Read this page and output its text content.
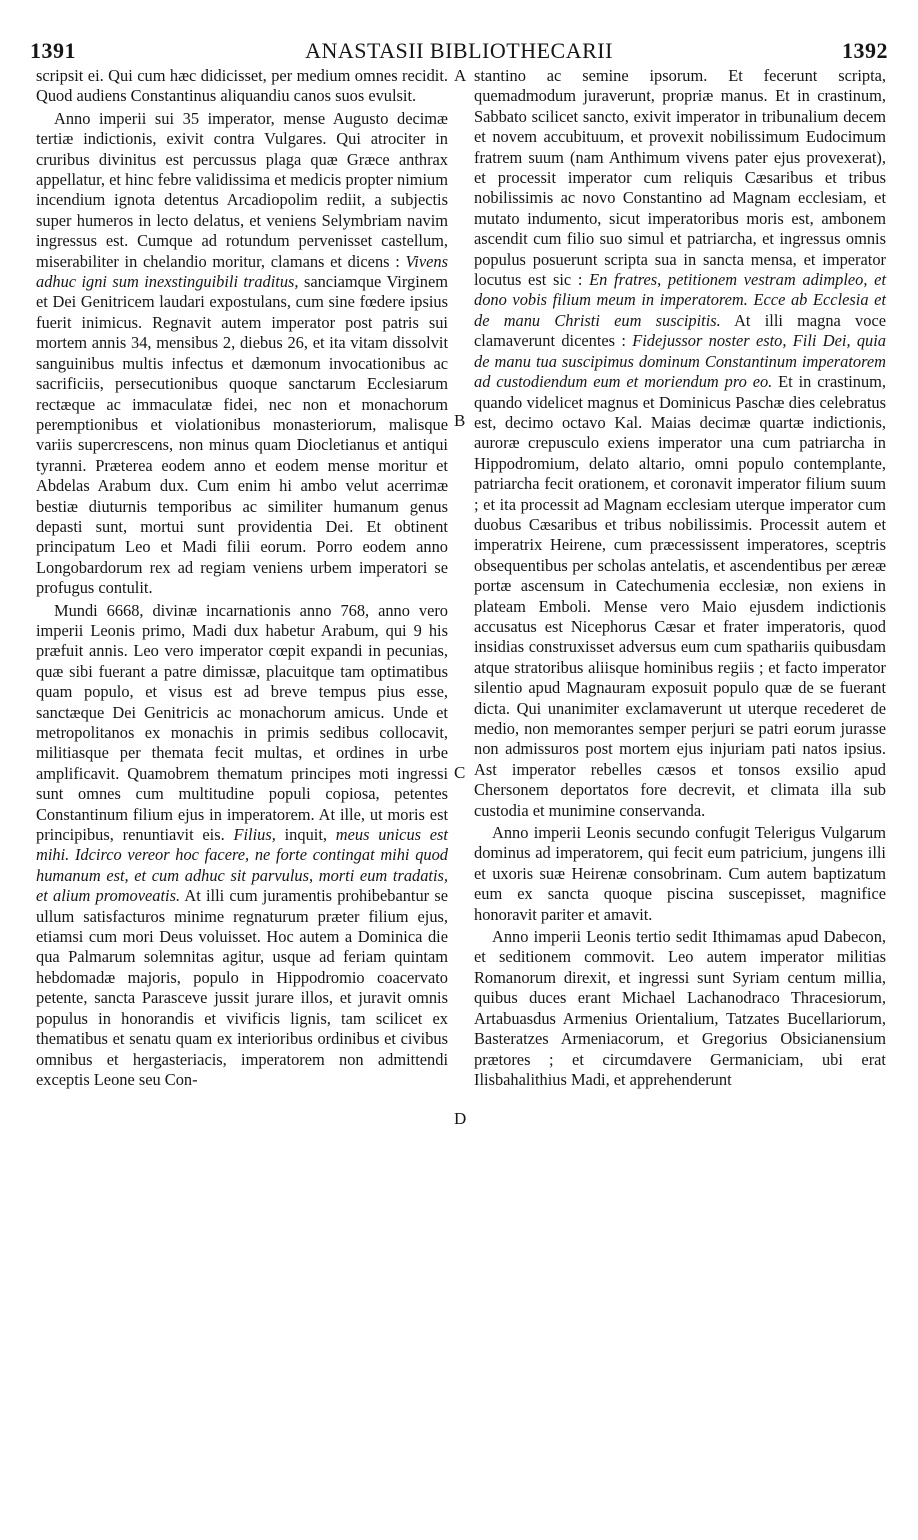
1391	ANASTASII BIBLIOTHECARII	1392

scripsit ei. Qui cum hæc didicisset, per medium omnes recidit. Quod audiens Constantinus aliquandiu canos suos evulsit.

Anno imperii sui 35 imperator, mense Augusto decimæ tertiæ indictionis, exivit contra Vulgares. Qui atrociter in cruribus divinitus est percussus plaga quæ Græce anthrax appellatur, et hinc febre validissima et medicis propter nimium incendium ignota detentus Arcadiopolim rediit, a subjectis super humeros in lecto delatus, et veniens Selymbriam navim ingressus est. Cumque ad rotundum pervenisset castellum, miserabiliter in chelandio moritur, clamans et dicens : Vivens adhuc igni sum inexstinguibili traditus, sanciamque Virginem et Dei Genitricem laudari expostulans, cum sine fœdere ipsius fuerit inimicus. Regnavit autem imperator post patris sui mortem annis 34, mensibus 2, diebus 26, et ita vitam dissolvit sanguinibus multis infectus et dæmonum invocationibus ac sacrificiis, persecutionibus quoque sanctarum Ecclesiarum rectæque ac immaculatæ fidei, nec non et monachorum peremptionibus et violationibus monasteriorum, malisque variis supercrescens, non minus quam Diocletianus et antiqui tyranni. Præterea eodem anno et eodem mense moritur et Abdelas Arabum dux. Cum enim hi ambo velut acerrimæ bestiæ diuturnis temporibus ac similiter humanum genus depasti sunt, mortui sunt providentia Dei. Et obtinent principatum Leo et Madi filii eorum. Porro eodem anno Longobardorum rex ad regiam veniens urbem imperatori se profugus contulit.

Mundi 6668, divinæ incarnationis anno 768, anno vero imperii Leonis primo, Madi dux habetur Arabum, qui 9 his præfuit annis. Leo vero imperator cœpit expandi in pecunias, quæ sibi fuerant a patre dimissæ, placuitque tam optimatibus quam populo, et visus est ad breve tempus pius esse, sanctæque Dei Genitricis ac monachorum amicus. Unde et metropolitanos ex monachis in primis sedibus collocavit, militiasque per themata fecit multas, et ordines in urbe amplificavit. Quamobrem thematum principes moti ingressi sunt omnes cum multitudine populi copiosa, petentes Constantinum filium ejus in imperatorem. At ille, ut moris est principibus, renuntiavit eis. Filius, inquit, meus unicus est mihi. Idcirco vereor hoc facere, ne forte contingat mihi quod humanum est, et cum adhuc sit parvulus, morti eum tradatis, et alium promoveatis. At illi cum juramentis prohibebantur se ullum satisfacturos minime regnaturum præter filium ejus, etiamsi cum mori Deus voluisset. Hoc autem a Dominica die qua Palmarum solemnitas agitur, usque ad feriam quintam hebdomadæ majoris, populo in Hippodromio coacervato petente, sancta Parasceve jussit jurare illos, et juravit omnis populus in honorandis et vivificis lignis, tam scilicet ex thematibus et senatu quam ex interioribus ordinibus et civibus omnibus et hergasteriacis, imperatorem non admittendi exceptis Leone seu Con-

A
B
C
D

stantino ac semine ipsorum. Et fecerunt scripta, quemadmodum juraverunt, propriæ manus. Et in crastinum, Sabbato scilicet sancto, exivit imperator in tribunalium decem et novem accubituum, et provexit nobilissimum Eudocimum fratrem suum (nam Anthimum vivens pater ejus provexerat), et processit imperator cum reliquis Cæsaribus et tribus nobilissimis ac novo Constantino ad Magnam ecclesiam, et mutato indumento, sicut imperatoribus moris est, ambonem ascendit cum filio suo simul et patriarcha, et ingressus omnis populus posuerunt scripta sua in sancta mensa, et imperator locutus est sic : En fratres, petitionem vestram adimpleo, et dono vobis filium meum in imperatorem. Ecce ab Ecclesia et de manu Christi eum suscipitis. At illi magna voce clamaverunt dicentes : Fidejussor noster esto, Fili Dei, quia de manu tua suscipimus dominum Constantinum imperatorem ad custodiendum eum et moriendum pro eo. Et in crastinum, quando videlicet magnus et Dominicus Paschæ dies celebratus est, decimo octavo Kal. Maias decimæ quartæ indictionis, auroræ crepusculo exiens imperator una cum patriarcha in Hippodromium, delato altario, omni populo contemplante, patriarcha fecit orationem, et coronavit imperator filium suum ; et ita processit ad Magnam ecclesiam uterque imperator cum duobus Cæsaribus et tribus nobilissimis. Processit autem et imperatrix Heirene, cum præcessissent imperatores, sceptris obsequentibus per scholas antelatis, et ascendentibus per æreæ portæ ascensum in Catechumenia ecclesiæ, non exiens in plateam Emboli. Mense vero Maio ejusdem indictionis accusatus est Nicephorus Cæsar et frater imperatoris, quod insidias construxisset adversus eum cum spathariis quibusdam atque stratoribus aliisque hominibus regiis ; et facto imperator silentio apud Magnauram exposuit populo quæ de se fuerant dicta. Qui unanimiter exclamaverunt ut uterque recederet de medio, non memorantes semper perjuri se patri eorum jurasse non admissuros post mortem ejus injuriam pati natos ipsius. Ast imperator rebelles cæsos et tonsos exsilio apud Chersonem deportatos fore decrevit, et climata illa sub custodia et munimine conservanda.

Anno imperii Leonis secundo confugit Telerigus Vulgarum dominus ad imperatorem, qui fecit eum patricium, jungens illi et uxoris suæ Heirenæ consobrinam. Cum autem baptizatum eum ex sancta quoque piscina suscepisset, magnifice honoravit pariter et amavit.

Anno imperii Leonis tertio sedit Ithimamas apud Dabecon, et seditionem commovit. Leo autem imperator militias Romanorum direxit, et ingressi sunt Syriam centum millia, quibus duces erant Michael Lachanodraco Thracesiorum, Artabuasdus Armenius Orientalium, Tatzates Bucellariorum, Basteratzes Armeniacorum, et Gregorius Obsicianensium prætores ; et circumdavere Germaniciam, ubi erat Ilisbahalithius Madi, et apprehenderunt
